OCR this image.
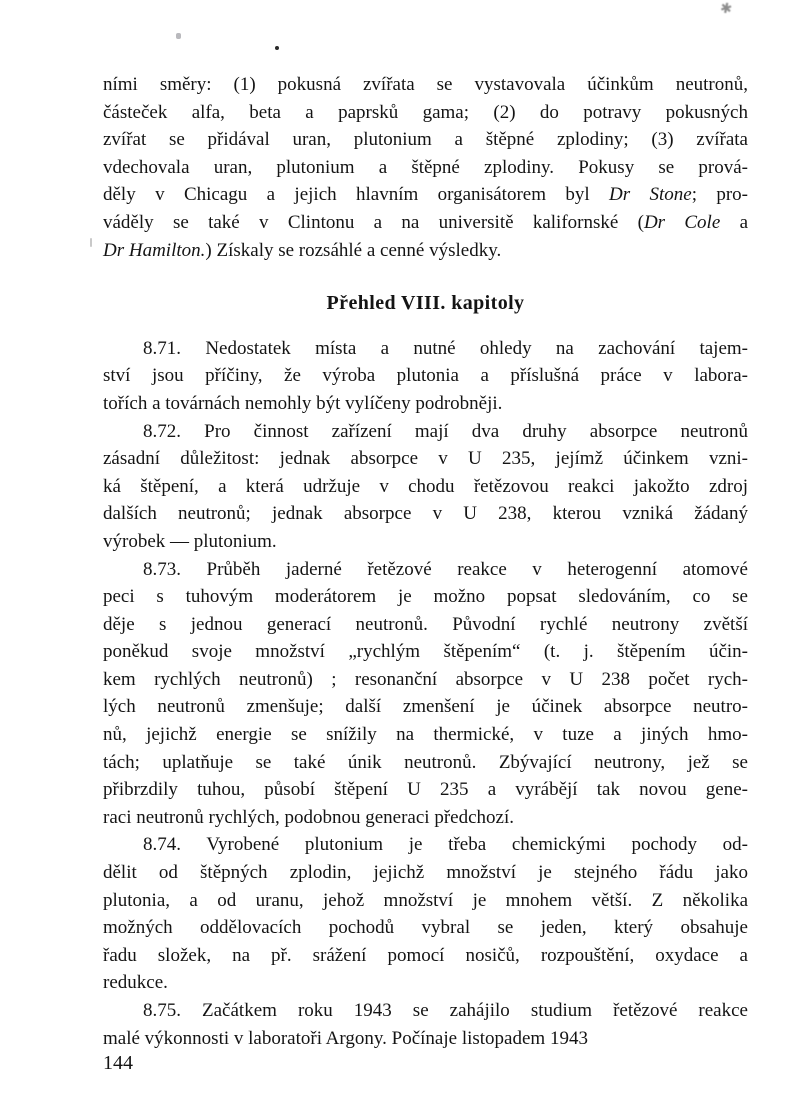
✱
ními směry: (1) pokusná zvířata se vystavovala účinkům neutronů,
částeček alfa, beta a paprsků gama; (2) do potravy pokusných
zvířat se přidával uran, plutonium a štěpné zplodiny; (3) zvířata
vdechovala uran, plutonium a štěpné zplodiny. Pokusy se prová-
děly v Chicagu a jejich hlavním organisátorem byl Dr Stone; pro-
váděly se také v Clintonu a na universitě kalifornské (Dr Cole a
Dr Hamilton.) Získaly se rozsáhlé a cenné výsledky.
Přehled VIII. kapitoly
8.71. Nedostatek místa a nutné ohledy na zachování tajem-
ství jsou příčiny, že výroba plutonia a příslušná práce v labora-
tořích a továrnách nemohly být vylíčeny podrobněji.
8.72. Pro činnost zařízení mají dva druhy absorpce neutronů
zásadní důležitost: jednak absorpce v U 235, jejímž účinkem vzni-
ká štěpení, a která udržuje v chodu řetězovou reakci jakožto zdroj
dalších neutronů; jednak absorpce v U 238, kterou vzniká žádaný
výrobek — plutonium.
8.73. Průběh jaderné řetězové reakce v heterogenní atomové
peci s tuhovým moderátorem je možno popsat sledováním, co se
děje s jednou generací neutronů. Původní rychlé neutrony zvětší
poněkud svoje množství „rychlým štěpením“ (t. j. štěpením účin-
kem rychlých neutronů) ; resonanční absorpce v U 238 počet rych-
lých neutronů zmenšuje; další zmenšení je účinek absorpce neutro-
nů, jejichž energie se snížily na thermické, v tuze a jiných hmo-
tách; uplatňuje se také únik neutronů. Zbývající neutrony, jež se
přibrzdily tuhou, působí štěpení U 235 a vyrábějí tak novou gene-
raci neutronů rychlých, podobnou generaci předchozí.
8.74. Vyrobené plutonium je třeba chemickými pochody od-
dělit od štěpných zplodin, jejichž množství je stejného řádu jako
plutonia, a od uranu, jehož množství je mnohem větší. Z několika
možných oddělovacích pochodů vybral se jeden, který obsahuje
řadu složek, na př. srážení pomocí nosičů, rozpouštění, oxydace a
redukce.
8.75. Začátkem roku 1943 se zahájilo studium řetězové reakce
malé výkonnosti v laboratoři Argony. Počínaje listopadem 1943
144
